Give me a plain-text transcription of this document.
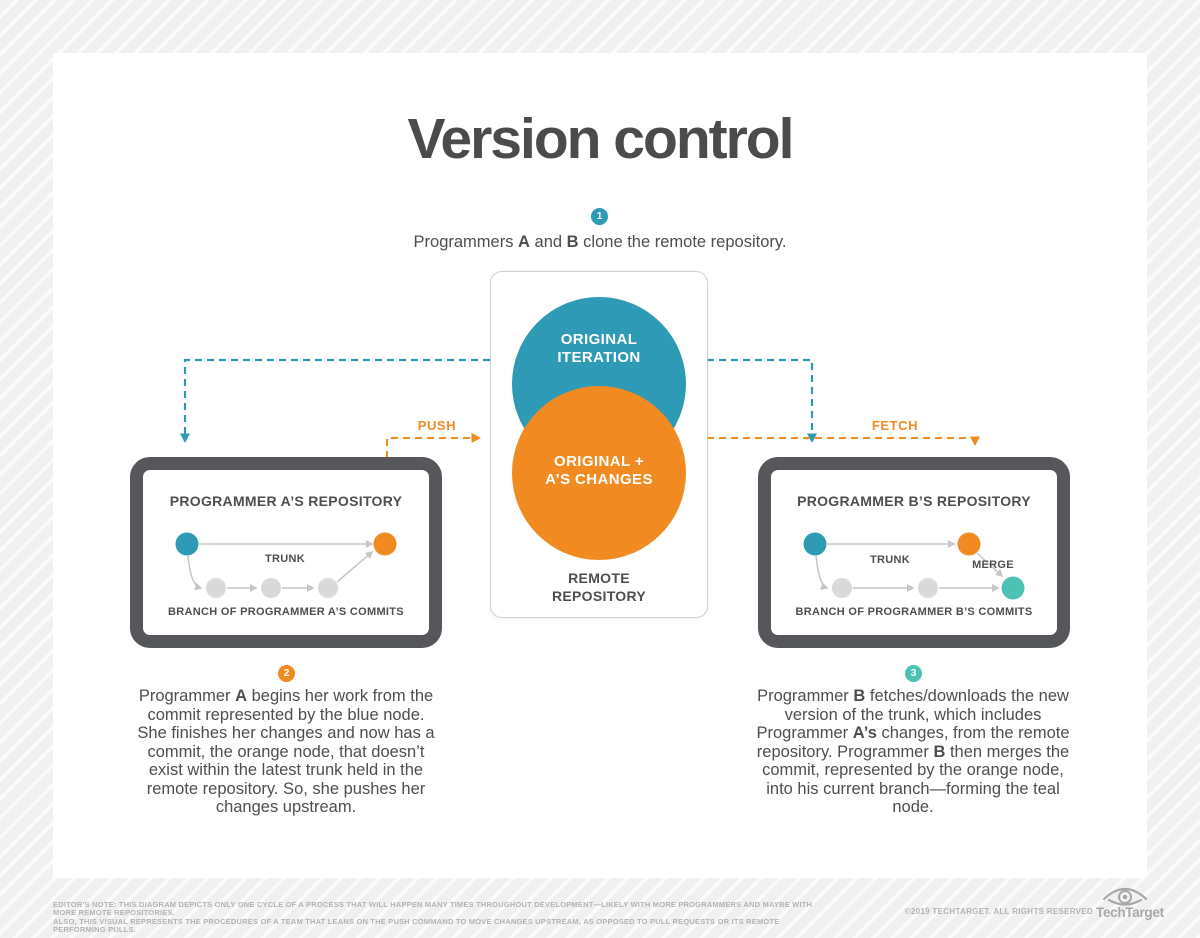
Version control
1
Programmers A and B clone the remote repository.
PUSH	FETCH
ORIGINAL
ITERATION
ORIGINAL +
A’S CHANGES
REMOTE
REPOSITORY
PROGRAMMER A’S REPOSITORY
TRUNK
BRANCH OF PROGRAMMER A’S COMMITS
PROGRAMMER B’S REPOSITORY
TRUNK	MERGE
BRANCH OF PROGRAMMER B’S COMMITS
2
Programmer A begins her work from the commit represented by the blue node. She finishes her changes and now has a commit, the orange node, that doesn’t exist within the latest trunk held in the remote repository. So, she pushes her changes upstream.
3
Programmer B fetches/downloads the new version of the trunk, which includes Programmer A’s changes, from the remote repository. Programmer B then merges the commit, represented by the orange node, into his current branch—forming the teal node.
EDITOR’S NOTE: THIS DIAGRAM DEPICTS ONLY ONE CYCLE OF A PROCESS THAT WILL HAPPEN MANY TIMES THROUGHOUT DEVELOPMENT—LIKELY WITH MORE PROGRAMMERS AND MAYBE WITH MORE REMOTE REPOSITORIES.
ALSO, THIS VISUAL REPRESENTS THE PROCEDURES OF A TEAM THAT LEANS ON THE PUSH COMMAND TO MOVE CHANGES UPSTREAM, AS OPPOSED TO PULL REQUESTS OR ITS REMOTE PERFORMING PULLS.
©2019 TECHTARGET. ALL RIGHTS RESERVED TechTarget
